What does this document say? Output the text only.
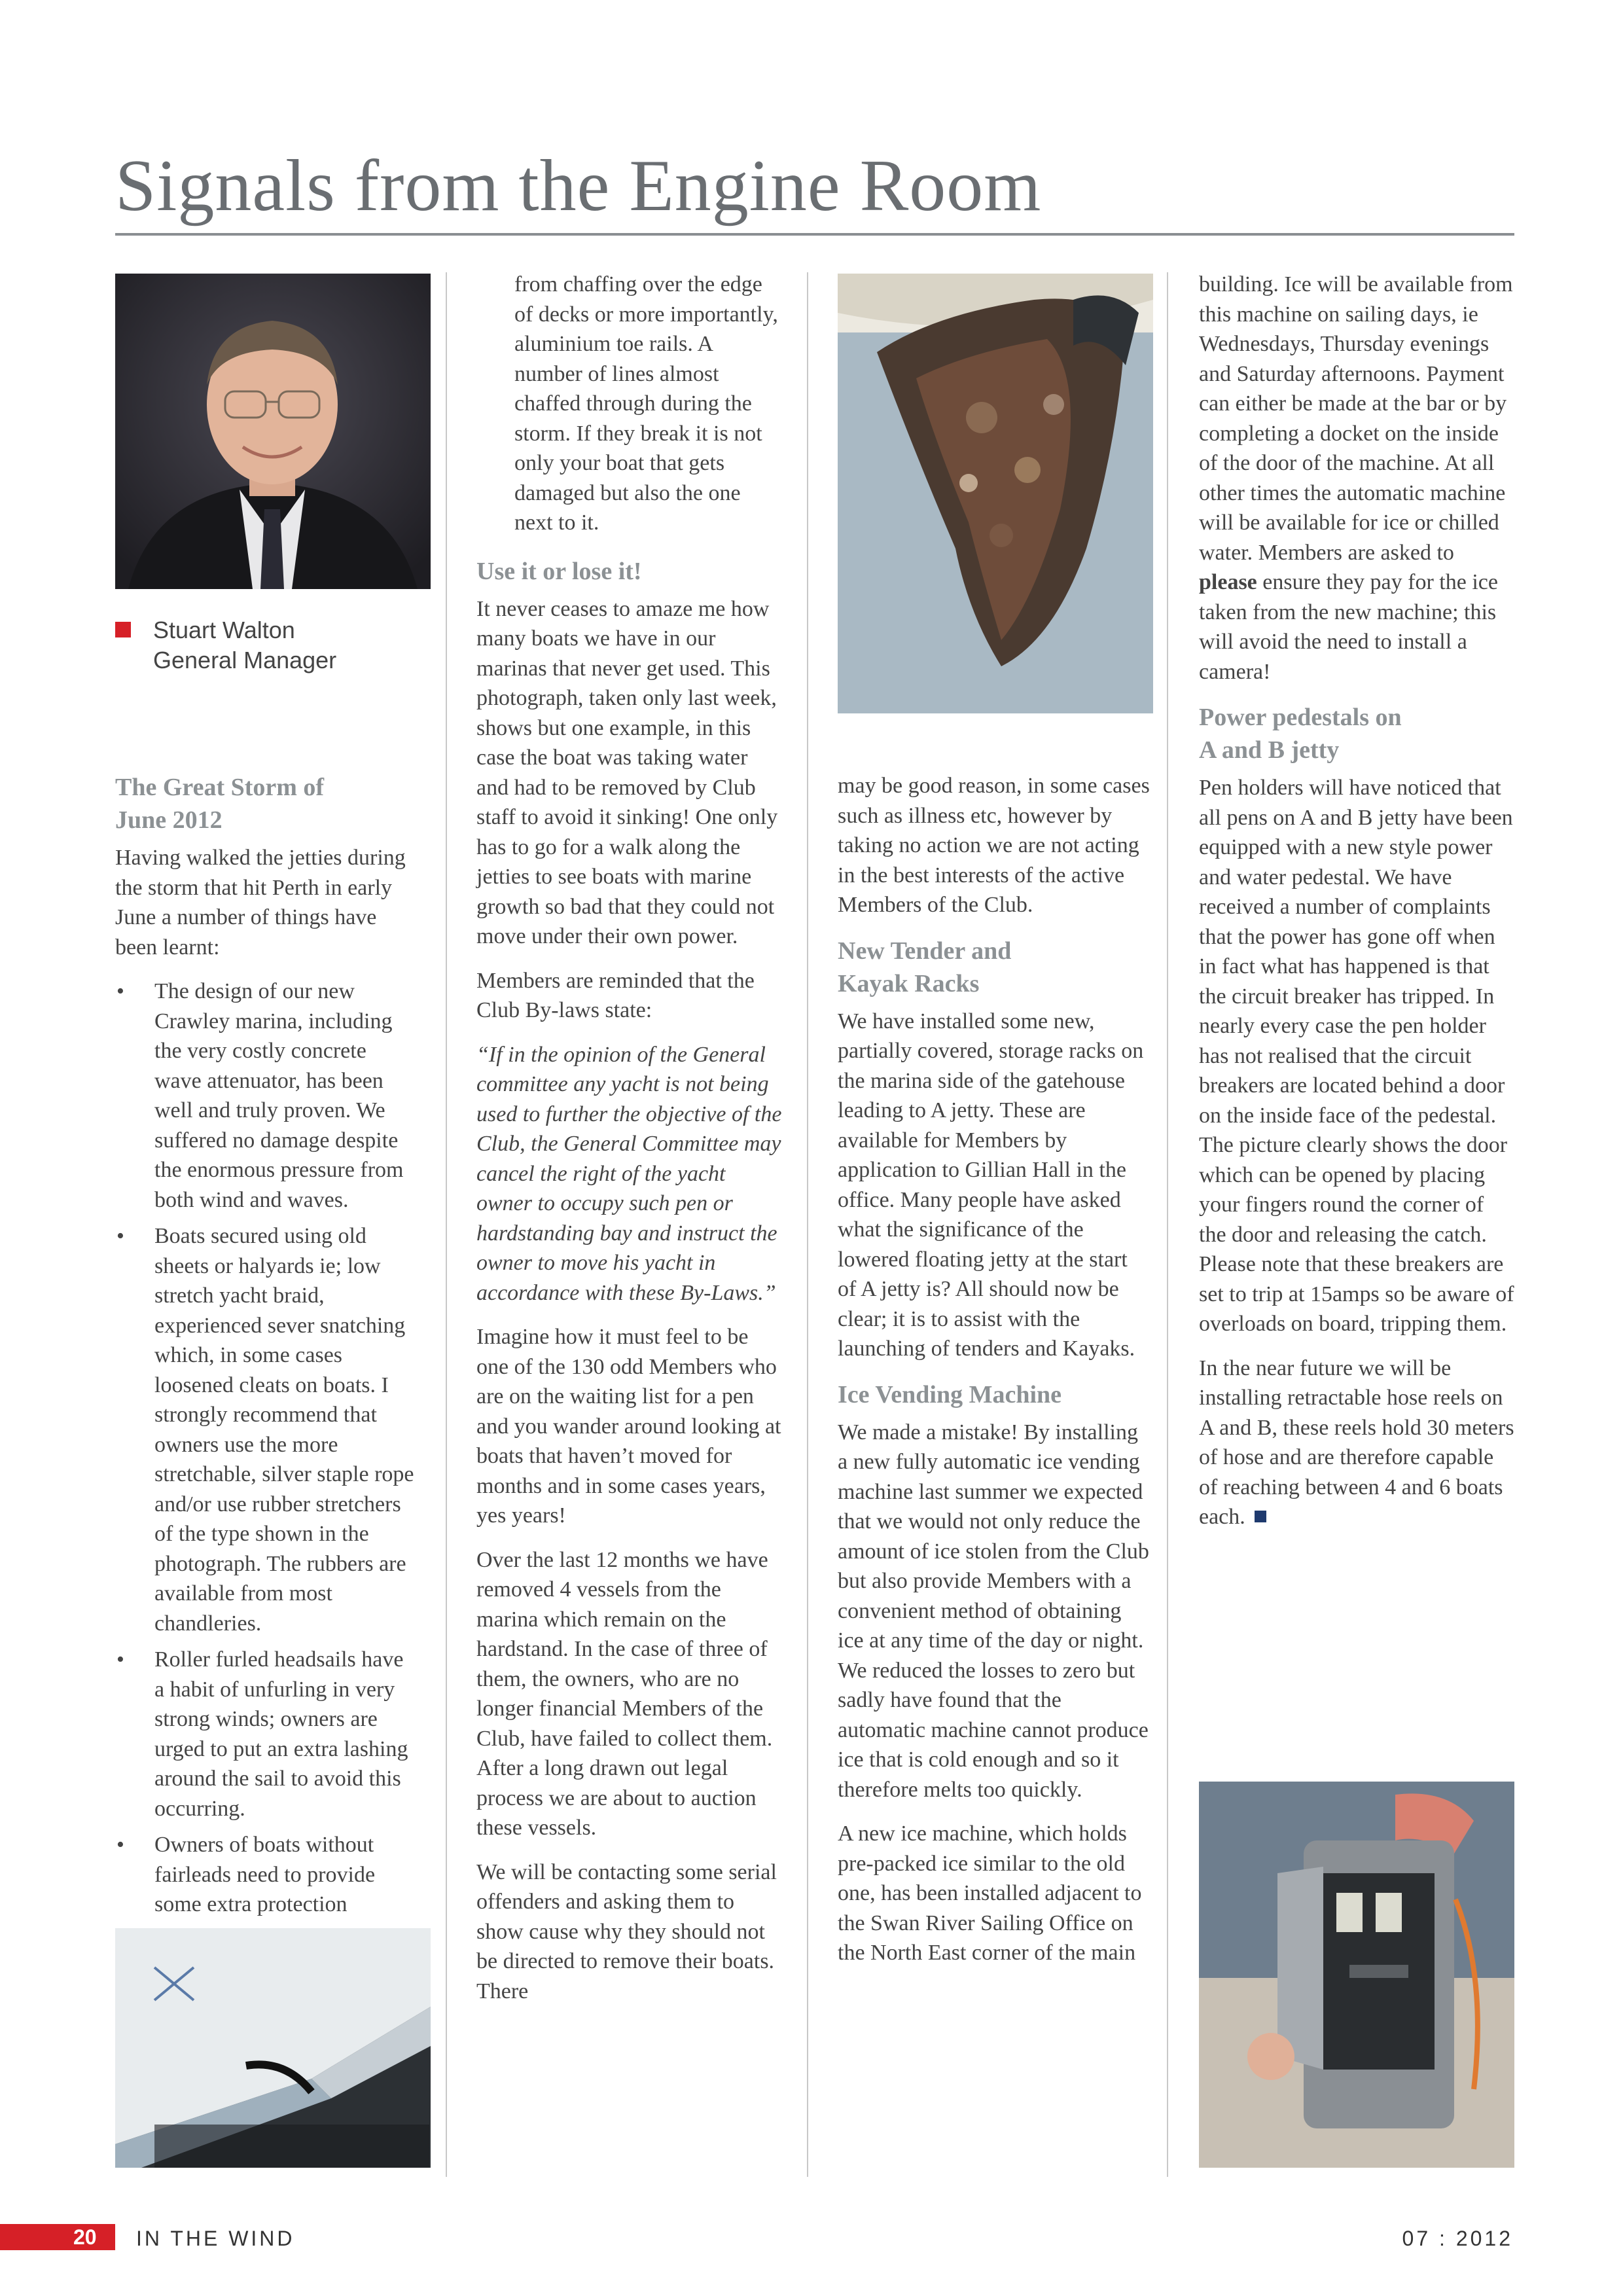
Signals from the Engine Room
Stuart Walton
General Manager
The Great Storm of
June 2012

Having walked the jetties during the storm that hit Perth in early June a number of things have been learnt:

• The design of our new Crawley marina, including the very costly concrete wave attenuator, has been well and truly proven. We suffered no damage despite the enormous pressure from both wind and waves.
• Boats secured using old sheets or halyards ie; low stretch yacht braid, experienced sever snatching which, in some cases loosened cleats on boats. I strongly recommend that owners use the more stretchable, silver staple rope and/or use rubber stretchers of the type shown in the photograph. The rubbers are available from most chandleries.
• Roller furled headsails have a habit of unfurling in very strong winds; owners are urged to put an extra lashing around the sail to avoid this occurring.
• Owners of boats without fairleads need to provide some extra protection

from chaffing over the edge of decks or more importantly, aluminium toe rails. A number of lines almost chaffed through during the storm. If they break it is not only your boat that gets damaged but also the one next to it.

Use it or lose it!

It never ceases to amaze me how many boats we have in our marinas that never get used. This photograph, taken only last week, shows but one example, in this case the boat was taking water and had to be removed by Club staff to avoid it sinking! One only has to go for a walk along the jetties to see boats with marine growth so bad that they could not move under their own power.

Members are reminded that the Club By-laws state:

“If in the opinion of the General committee any yacht is not being used to further the objective of the Club, the General Committee may cancel the right of the yacht owner to occupy such pen or hardstanding bay and instruct the owner to move his yacht in accordance with these By-Laws.”

Imagine how it must feel to be one of the 130 odd Members who are on the waiting list for a pen and you wander around looking at boats that haven’t moved for months and in some cases years, yes years!

Over the last 12 months we have removed 4 vessels from the marina which remain on the hardstand. In the case of three of them, the owners, who are no longer financial Members of the Club, have failed to collect them. After a long drawn out legal process we are about to auction these vessels.

We will be contacting some serial offenders and asking them to show cause why they should not be directed to remove their boats. There

may be good reason, in some cases such as illness etc, however by taking no action we are not acting in the best interests of the active Members of the Club.

New Tender and
Kayak Racks

We have installed some new, partially covered, storage racks on the marina side of the gatehouse leading to A jetty. These are available for Members by application to Gillian Hall in the office. Many people have asked what the significance of the lowered floating jetty at the start of A jetty is? All should now be clear; it is to assist with the launching of tenders and Kayaks.

Ice Vending Machine

We made a mistake! By installing a new fully automatic ice vending machine last summer we expected that we would not only reduce the amount of ice stolen from the Club but also provide Members with a convenient method of obtaining ice at any time of the day or night. We reduced the losses to zero but sadly have found that the automatic machine cannot produce ice that is cold enough and so it therefore melts too quickly.

A new ice machine, which holds pre-packed ice similar to the old one, has been installed adjacent to the Swan River Sailing Office on the North East corner of the main

building. Ice will be available from this machine on sailing days, ie Wednesdays, Thursday evenings and Saturday afternoons. Payment can either be made at the bar or by completing a docket on the inside of the door of the machine. At all other times the automatic machine will be available for ice or chilled water. Members are asked to please ensure they pay for the ice taken from the new machine; this will avoid the need to install a camera!

Power pedestals on
A and B jetty

Pen holders will have noticed that all pens on A and B jetty have been equipped with a new style power and water pedestal. We have received a number of complaints that the power has gone off when in fact what has happened is that the circuit breaker has tripped. In nearly every case the pen holder has not realised that the circuit breakers are located behind a door on the inside face of the pedestal. The picture clearly shows the door which can be opened by placing your fingers round the corner of the door and releasing the catch. Please note that these breakers are set to trip at 15amps so be aware of overloads on board, tripping them.

In the near future we will be installing retractable hose reels on A and B, these reels hold 30 meters of hose and are therefore capable of reaching between 4 and 6 boats each.

20 IN THE WIND	07 : 2012
